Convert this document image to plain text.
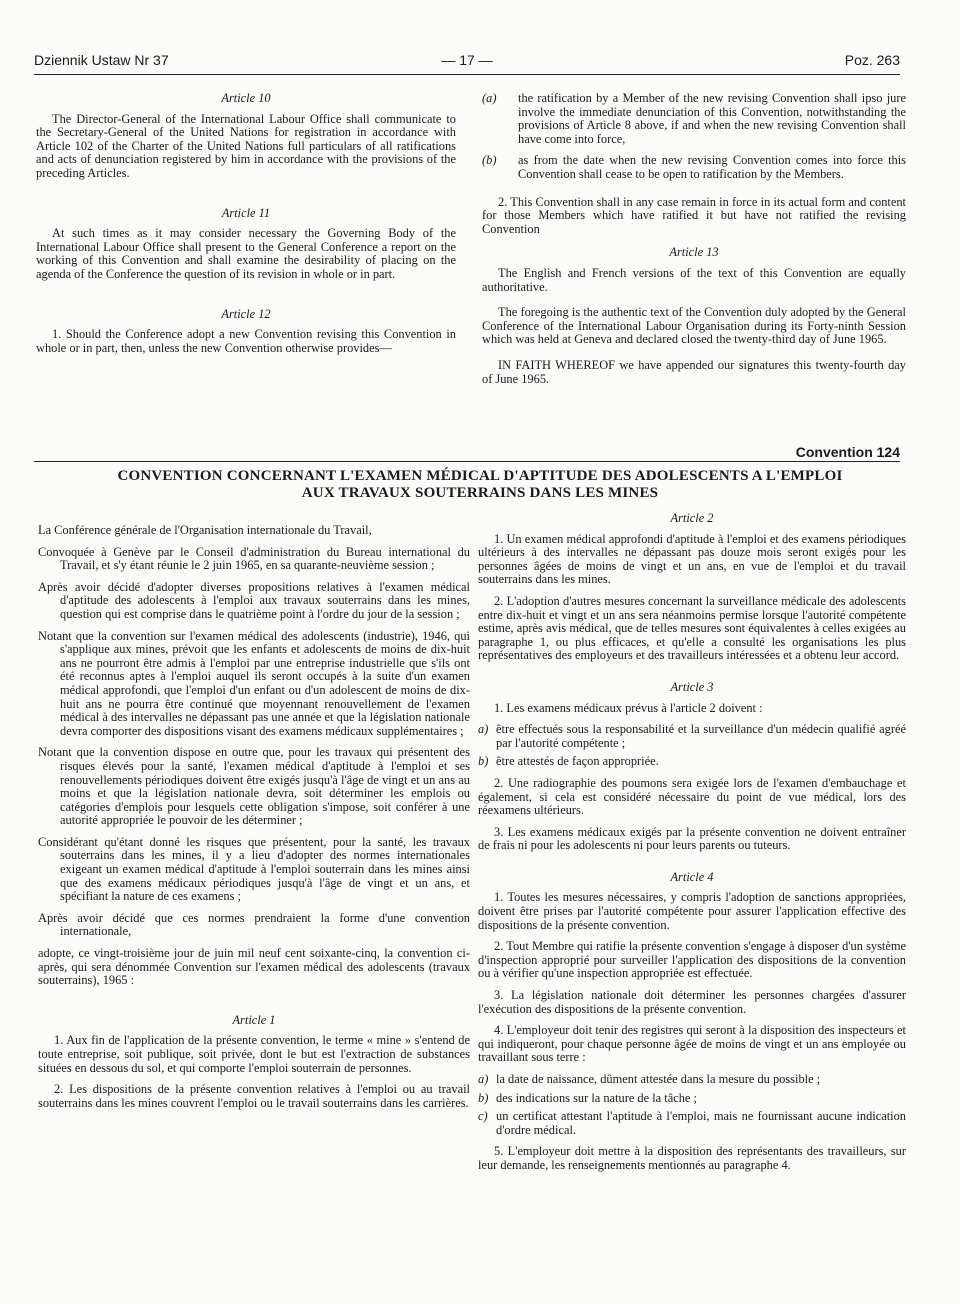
Dziennik Ustaw Nr 37	— 17 —	Poz. 263
Article 10
The Director-General of the International Labour Office shall communicate to the Secretary-General of the United Nations for registration in accordance with Article 102 of the Charter of the United Nations full particulars of all ratifications and acts of denunciation registered by him in accordance with the provisions of the preceding Articles.
Article 11
At such times as it may consider necessary the Governing Body of the International Labour Office shall present to the General Conference a report on the working of this Convention and shall examine the desirability of placing on the agenda of the Conference the question of its revision in whole or in part.
Article 12
1. Should the Conference adopt a new Convention revising this Convention in whole or in part, then, unless the new Convention otherwise provides—
(a)	the ratification by a Member of the new revising Convention shall ipso jure involve the immediate denunciation of this Convention, notwithstanding the provisions of Article 8 above, if and when the new revising Convention shall have come into force,
(b)	as from the date when the new revising Convention comes into force this Convention shall cease to be open to ratification by the Members.
2. This Convention shall in any case remain in force in its actual form and content for those Members which have ratified it but have not ratified the revising Convention
Article 13
The English and French versions of the text of this Convention are equally authoritative.
The foregoing is the authentic text of the Convention duly adopted by the General Conference of the International Labour Organisation during its Forty-ninth Session which was held at Geneva and declared closed the twenty-third day of June 1965.
IN FAITH WHEREOF we have appended our signatures this twenty-fourth day of June 1965.
Convention 124
CONVENTION CONCERNANT L'EXAMEN MÉDICAL D'APTITUDE DES ADOLESCENTS A L'EMPLOI
AUX TRAVAUX SOUTERRAINS DANS LES MINES
La Conférence générale de l'Organisation internationale du Travail,
Convoquée à Genève par le Conseil d'administration du Bureau international du Travail, et s'y étant réunie le 2 juin 1965, en sa quarante-neuvième session ;
Après avoir décidé d'adopter diverses propositions relatives à l'examen médical d'aptitude des adolescents à l'emploi aux travaux souterrains dans les mines, question qui est comprise dans le quatrième point à l'ordre du jour de la session ;
Notant que la convention sur l'examen médical des adolescents (industrie), 1946, qui s'applique aux mines, prévoit que les enfants et adolescents de moins de dix-huit ans ne pourront être admis à l'emploi par une entreprise industrielle que s'ils ont été reconnus aptes à l'emploi auquel ils seront occupés à la suite d'un examen médical approfondi, que l'emploi d'un enfant ou d'un adolescent de moins de dix-huit ans ne pourra être continué que moyennant renouvellement de l'examen médical à des intervalles ne dépassant pas une année et que la législation nationale devra comporter des dispositions visant des examens médicaux supplémentaires ;
Notant que la convention dispose en outre que, pour les travaux qui présentent des risques élevés pour la santé, l'examen médical d'aptitude à l'emploi et ses renouvellements périodiques doivent être exigés jusqu'à l'âge de vingt et un ans au moins et que la législation nationale devra, soit déterminer les emplois ou catégories d'emplois pour lesquels cette obligation s'impose, soit conférer à une autorité appropriée le pouvoir de les déterminer ;
Considérant qu'étant donné les risques que présentent, pour la santé, les travaux souterrains dans les mines, il y a lieu d'adopter des normes internationales exigeant un examen médical d'aptitude à l'emploi souterrain dans les mines ainsi que des examens médicaux périodiques jusqu'à l'âge de vingt et un ans, et spécifiant la nature de ces examens ;
Après avoir décidé que ces normes prendraient la forme d'une convention internationale,
adopte, ce vingt-troisième jour de juin mil neuf cent soixante-cinq, la convention ci-après, qui sera dénommée Convention sur l'examen médical des adolescents (travaux souterrains), 1965 :
Article 1
1. Aux fin de l'application de la présente convention, le terme « mine » s'entend de toute entreprise, soit publique, soit privée, dont le but est l'extraction de substances situées en dessous du sol, et qui comporte l'emploi souterrain de personnes.
2. Les dispositions de la présente convention relatives à l'emploi ou au travail souterrains dans les mines couvrent l'emploi ou le travail souterrains dans les carrières.
Article 2
1. Un examen médical approfondi d'aptitude à l'emploi et des examens périodiques ultérieurs à des intervalles ne dépassant pas douze mois seront exigés pour les personnes âgées de moins de vingt et un ans, en vue de l'emploi et du travail souterrains dans les mines.
2. L'adoption d'autres mesures concernant la surveillance médicale des adolescents entre dix-huit et vingt et un ans sera néanmoins permise lorsque l'autorité compétente estime, après avis médical, que de telles mesures sont équivalentes à celles exigées au paragraphe 1, ou plus efficaces, et qu'elle a consulté les organisations les plus représentatives des employeurs et des travailleurs intéressées et a obtenu leur accord.
Article 3
1. Les examens médicaux prévus à l'article 2 doivent :
a) être effectués sous la responsabilité et la surveillance d'un médecin qualifié agréé par l'autorité compétente ;
b) être attestés de façon appropriée.
2. Une radiographie des poumons sera exigée lors de l'examen d'embauchage et également, si cela est considéré nécessaire du point de vue médical, lors des réexamens ultérieurs.
3. Les examens médicaux exigés par la présente convention ne doivent entraîner de frais ni pour les adolescents ni pour leurs parents ou tuteurs.
Article 4
1. Toutes les mesures nécessaires, y compris l'adoption de sanctions appropriées, doivent être prises par l'autorité compétente pour assurer l'application effective des dispositions de la présente convention.
2. Tout Membre qui ratifie la présente convention s'engage à disposer d'un système d'inspection approprié pour surveiller l'application des dispositions de la convention ou à vérifier qu'une inspection appropriée est effectuée.
3. La législation nationale doit déterminer les personnes chargées d'assurer l'exécution des dispositions de la présente convention.
4. L'employeur doit tenir des registres qui seront à la disposition des inspecteurs et qui indiqueront, pour chaque personne âgée de moins de vingt et un ans employée ou travaillant sous terre :
a) la date de naissance, dûment attestée dans la mesure du possible ;
b) des indications sur la nature de la tâche ;
c) un certificat attestant l'aptitude à l'emploi, mais ne fournissant aucune indication d'ordre médical.
5. L'employeur doit mettre à la disposition des représentants des travailleurs, sur leur demande, les renseignements mentionnés au paragraphe 4.
